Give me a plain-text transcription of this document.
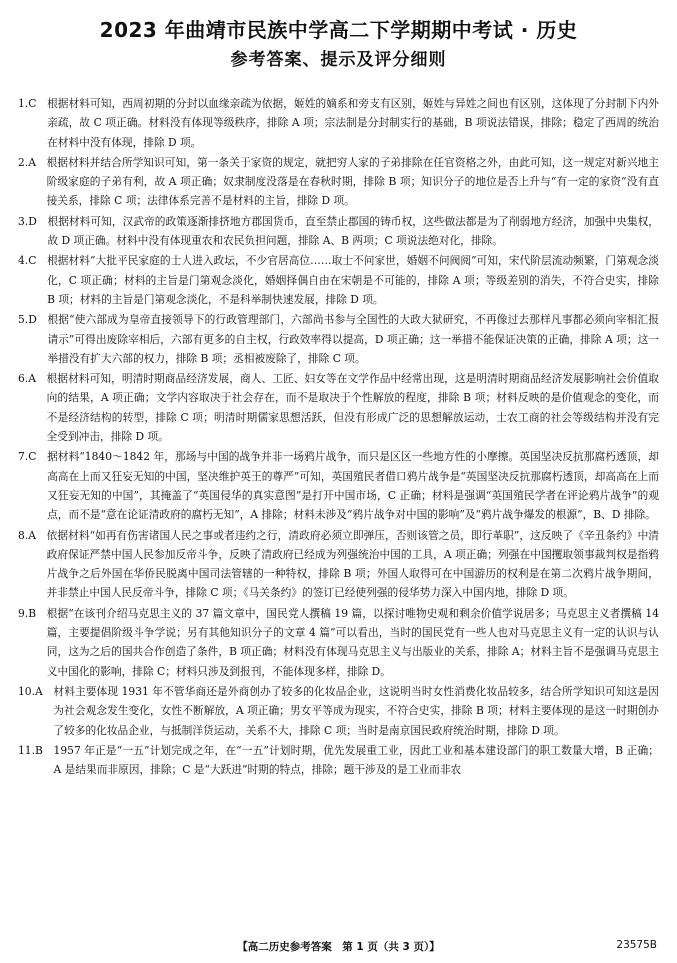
2023 年曲靖市民族中学高二下学期期中考试 · 历史
参考答案、提示及评分细则
1.C　 根据材料可知，西周初期的分封以血缘亲疏为依据，姬姓的嫡系和旁支有区别，姬姓与异姓之间也有区别，这体现了分封制下内外亲疏，故 C 项正确。材料没有体现等级秩序，排除 A 项；宗法制是分封制实行的基础，B 项说法错误，排除；稳定了西周的统治在材料中没有体现，排除 D 项。
2.A　 根据材料并结合所学知识可知，第一条关于家资的规定，就把穷人家的子弟排除在任官资格之外，由此可知，这一规定对新兴地主阶级家庭的子弟有利，故 A 项正确；奴隶制度没落是在春秋时期，排除 B 项；知识分子的地位是否上升与“有一定的家资”没有直接关系，排除 C 项；法律体系完善不是材料的主旨，排除 D 项。
3.D　 根据材料可知，汉武帝的政策逐渐排挤地方郡国货币，直至禁止郡国的铸币权，这些做法都是为了削弱地方经济，加强中央集权，故 D 项正确。材料中没有体现重农和农民负担问题，排除 A、B 两项；C 项说法绝对化，排除。
4.C　 根据材料“大批平民家庭的士人进入政坛，不少官居高位……取士不问家世，婚姻不问阀阅”可知，宋代阶层流动频繁，门第观念淡化，C 项正确；材料的主旨是门第观念淡化，婚姻择偶自由在宋朝是不可能的，排除 A 项；等级差别的消失，不符合史实，排除 B 项；材料的主旨是门第观念淡化，不是科举制快速发展，排除 D 项。
5.D　 根据“使六部成为皇帝直接领导下的行政管理部门，六部尚书参与全国性的大政大狱研究，不再像过去那样凡事都必须向宰相汇报请示”可得出废除宰相后，六部有更多的自主权，行政效率得以提高，D 项正确；这一举措不能保证决策的正确，排除 A 项；这一举措没有扩大六部的权力，排除 B 项；丞相被废除了，排除 C 项。
6.A　 根据材料可知，明清时期商品经济发展，商人、工匠、妇女等在文学作品中经常出现，这是明清时期商品经济发展影响社会价值取向的结果，A 项正确；文学内容取决于社会存在，而不是取决于个性解放的程度，排除 B 项；材料反映的是价值观念的变化，而不是经济结构的转型，排除 C 项；明清时期儒家思想活跃，但没有形成广泛的思想解放运动，士农工商的社会等级结构并没有完全受到冲击，排除 D 项。
7.C　 据材料“1840～1842 年，那场与中国的战争并非一场鸦片战争，而只是区区一些地方性的小摩擦。英国坚决反抗那腐朽透顶，却高高在上而又狂妄无知的中国，坚决维护英王的尊严”可知，英国殖民者借口鸦片战争是“英国坚决反抗那腐朽透顶，却高高在上而又狂妄无知的中国”，其掩盖了“英国侵华的真实意图”是打开中国市场，C 正确；材料是强调“英国殖民学者在评论鸦片战争”的观点，而不是“意在论证清政府的腐朽无知”，A 排除；材料未涉及“鸦片战争对中国的影响”及“鸦片战争爆发的根源”，B、D 排除。
8.A　 依据材料“如再有伤害诸国人民之事或者违约之行，清政府必须立即弹压，否则该管之员，即行革职”，这反映了《辛丑条约》中清政府保证严禁中国人民参加反帝斗争，反映了清政府已经成为列强统治中国的工具，A 项正确；列强在中国攫取领事裁判权是指鸦片战争之后外国在华侨民脱离中国司法管辖的一种特权，排除 B 项；外国人取得可在中国游历的权利是在第二次鸦片战争期间，并非禁止中国人民反帝斗争，排除 C 项；《马关条约》的签订已经使列强的侵华势力深入中国内地，排除 D 项。
9.B　 根据“在该刊介绍马克思主义的 37 篇文章中，国民党人撰稿 19 篇，以探讨唯物史观和剩余价值学说居多；马克思主义者撰稿 14 篇，主要提倡阶级斗争学说；另有其他知识分子的文章 4 篇”可以看出，当时的国民党有一些人也对马克思主义有一定的认识与认同，这为之后的国共合作创造了条件，B 项正确；材料没有体现马克思主义与出版业的关系，排除 A；材料主旨不是强调马克思主义中国化的影响，排除 C；材料只涉及到报刊，不能体现多样，排除 D。
10.A　 材料主要体现 1931 年不管华商还是外商创办了较多的化妆品企业，这说明当时女性消费化妆品较多，结合所学知识可知这是因为社会观念发生变化，女性不断解放，A 项正确；男女平等成为现实，不符合史实，排除 B 项；材料主要体现的是这一时期创办了较多的化妆品企业，与抵制洋货运动，关系不大，排除 C 项；当时是南京国民政府统治时期，排除 D 项。
11.B　 1957 年正是“一五”计划完成之年，在“一五”计划时期，优先发展重工业，因此工业和基本建设部门的职工数量大增，B 正确；A 是结果而非原因，排除；C 是“大跃进”时期的特点，排除；题干涉及的是工业而非农
【高二历史参考答案　第 1 页（共 3 页）】	23575B
